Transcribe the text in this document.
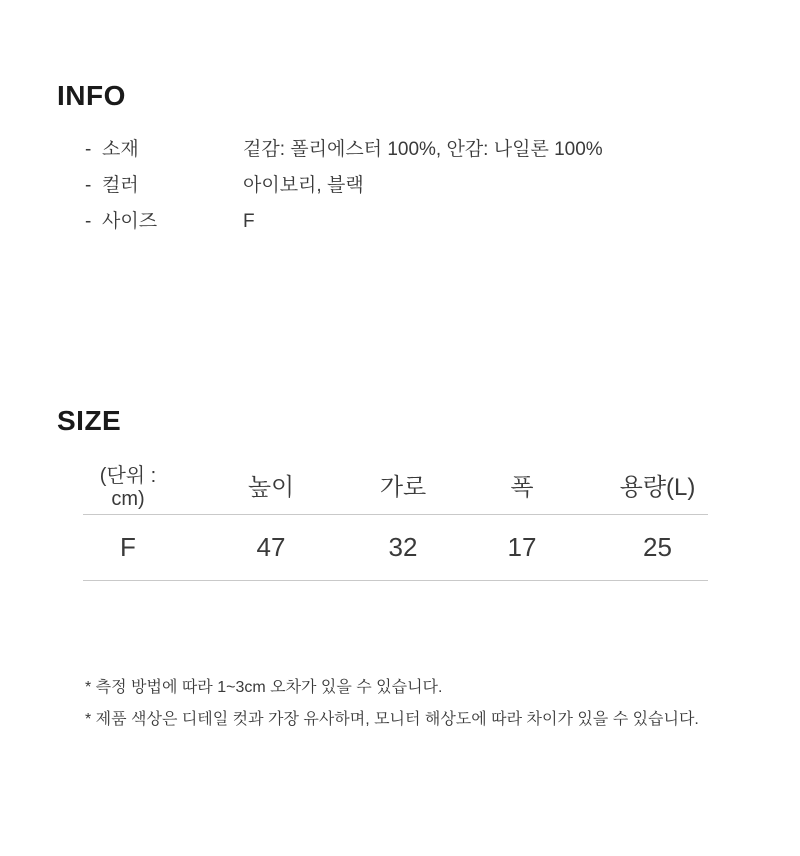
INFO
- 소재	겉감: 폴리에스터 100%, 안감: 나일론 100%
- 컬러	아이보리, 블랙
- 사이즈	F
SIZE
(단위 : cm)	높이	가로	폭	용량(L)
F	47	32	17	25

* 측정 방법에 따라 1~3cm 오차가 있을 수 있습니다.

* 제품 색상은 디테일 컷과 가장 유사하며, 모니터 해상도에 따라 차이가 있을 수 있습니다.
